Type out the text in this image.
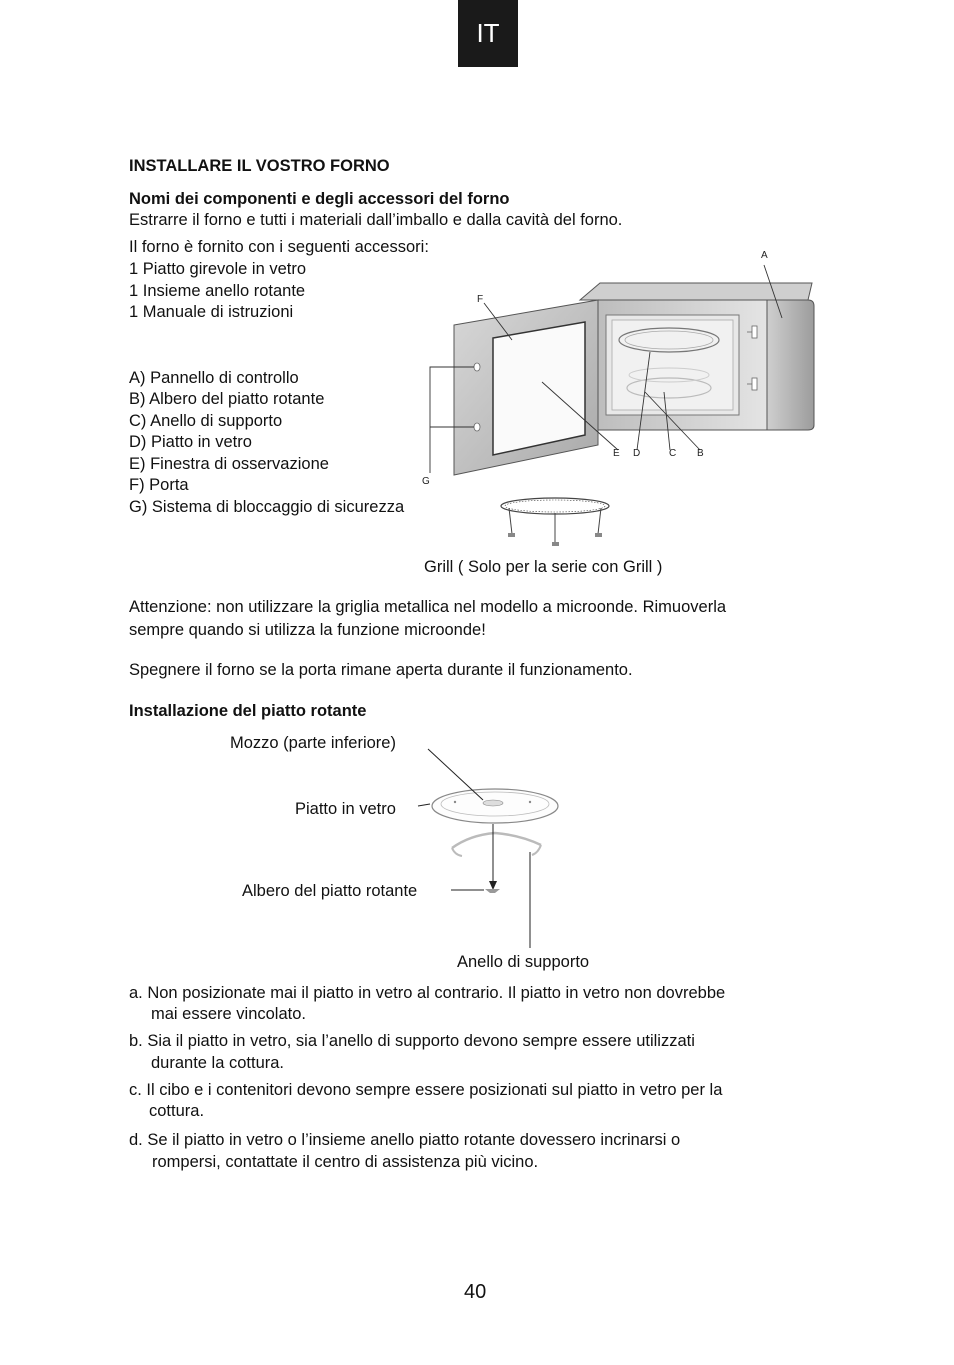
IT
INSTALLARE IL VOSTRO FORNO
Nomi dei componenti e degli accessori del forno
Estrarre il forno e tutti i materiali dall’imballo e dalla cavità del forno.
Il forno è fornito con i seguenti accessori:
1 Piatto girevole in vetro
1 Insieme anello rotante
1 Manuale di istruzioni
A) Pannello di controllo
B) Albero del piatto rotante
C) Anello di supporto
D) Piatto in vetro
E) Finestra di osservazione
F) Porta
G) Sistema di bloccaggio di sicurezza
A
F
E D	C B
G
Grill ( Solo per la serie con Grill )
Attenzione: non utilizzare la griglia metallica nel modello a microonde. Rimuoverla
sempre quando si utilizza la funzione microonde!
Spegnere il forno se la porta rimane aperta durante il funzionamento.
Installazione del piatto rotante
Mozzo (parte inferiore)
Piatto in vetro
Albero del piatto rotante
Anello di supporto
a. Non posizionate mai il piatto in vetro al contrario. Il piatto in vetro non dovrebbe
mai essere vincolato.
b. Sia il piatto in vetro, sia l’anello di supporto devono sempre essere utilizzati
durante la cottura.
c. Il cibo e i contenitori devono sempre essere posizionati sul piatto in vetro per la
cottura.
d. Se il piatto in vetro o l’insieme anello piatto rotante dovessero incrinarsi o
rompersi, contattate il centro di assistenza più vicino.
40
